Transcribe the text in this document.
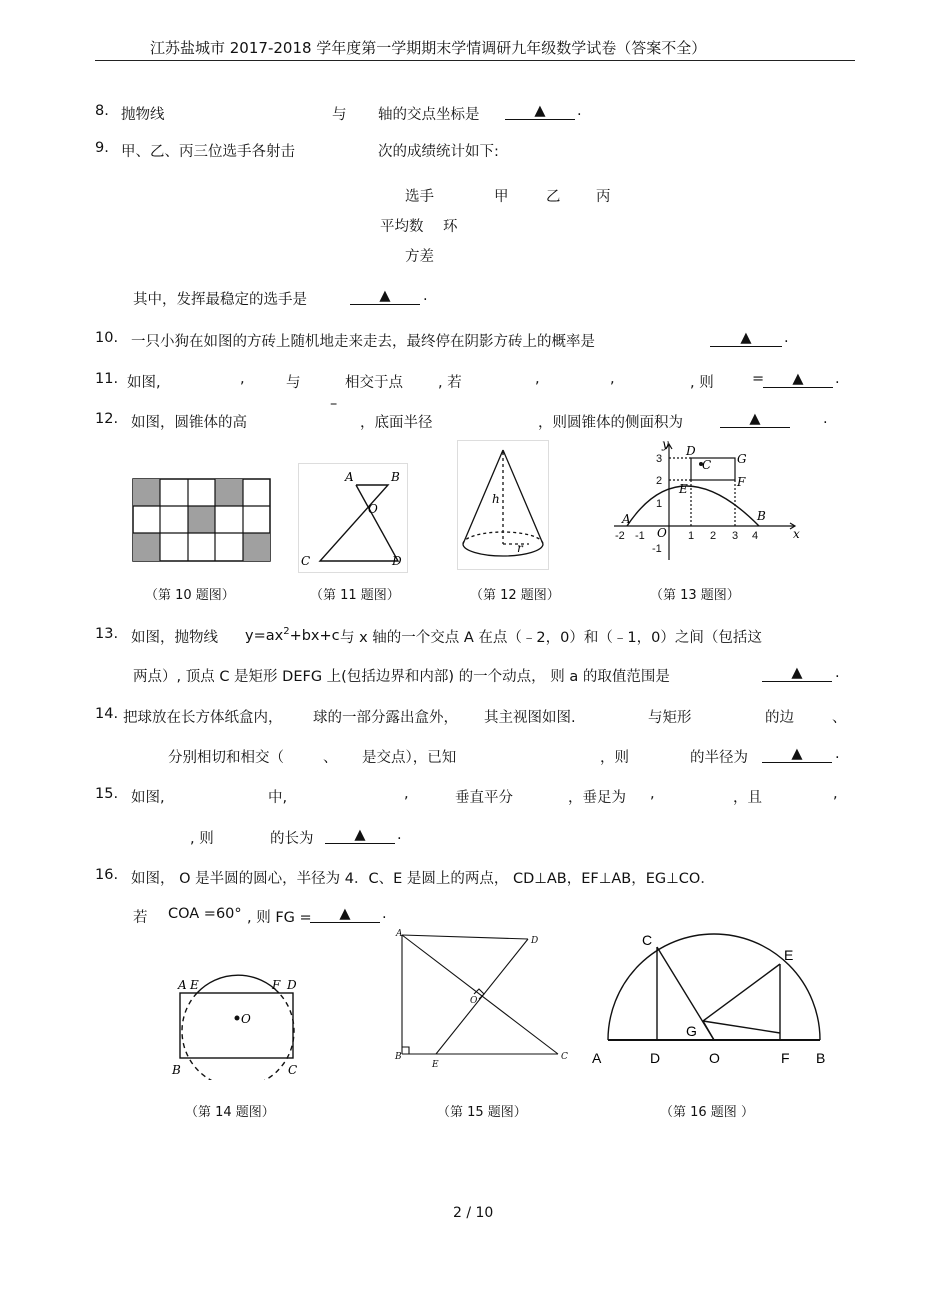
江苏盐城市 2017-2018 学年度第一学期期末学情调研九年级数学试卷（答案不全）
8. 抛物线	与 轴的交点坐标是	▲	.
9. 甲、乙、丙三位选手各射击	次的成绩统计如下:
选手	甲	乙 丙
平均数 环
方差
其中，发挥最稳定的选手是	▲	.
10. 一只小狗在如图的方砖上随机地走来走去，最终停在阴影方砖上的概率是	▲	.
11. 如图,	,	与	相交于点 , 若	,	,	, 则	=	▲	.
12. 如图，圆锥体的高
–
，底面半径	，则圆锥体的侧面积为	▲	.
（第 10 题图）
A	B
O
C	D
（第 11 题图）
h
r
（第 12 题图）
y
x
O
A	B
C
D
E	F
G
-2 -1	1 2 3 4
3
2
1
-1
（第 13 题图）
13. 如图，抛物线 $y=ax^2+bx+c$ 与 x 轴的一个交点 A 在点（﹣2，0）和（﹣1，0）之间（包括这
两点）, 顶点 C 是矩形 DEFG 上(包括边界和内部) 的一个动点， 则 a 的取值范围是	▲	.
14. 把球放在长方体纸盒内， 球的一部分露出盒外， 其主视图如图.	与矩形	的边	、
分别相切和相交（	、 是交点），已知	，则	的半径为	▲	.
15. 如图,	中,	,	垂直平分	，垂足为 ,	，且	,
, 则	的长为	▲	.
16. 如图， O 是半圆的圆心，半径为 4．C、E 是圆上的两点， CD⊥AB，EF⊥AB，EG⊥CO．
若 COA =60° , 则 FG =	▲	.
A E	F D
O
B	C
（第 14 题图）
A
D
O
B
E
C
（第 15 题图）
C
E
G
A	D	O	F B
（第 16 题图 ）
2 / 10
